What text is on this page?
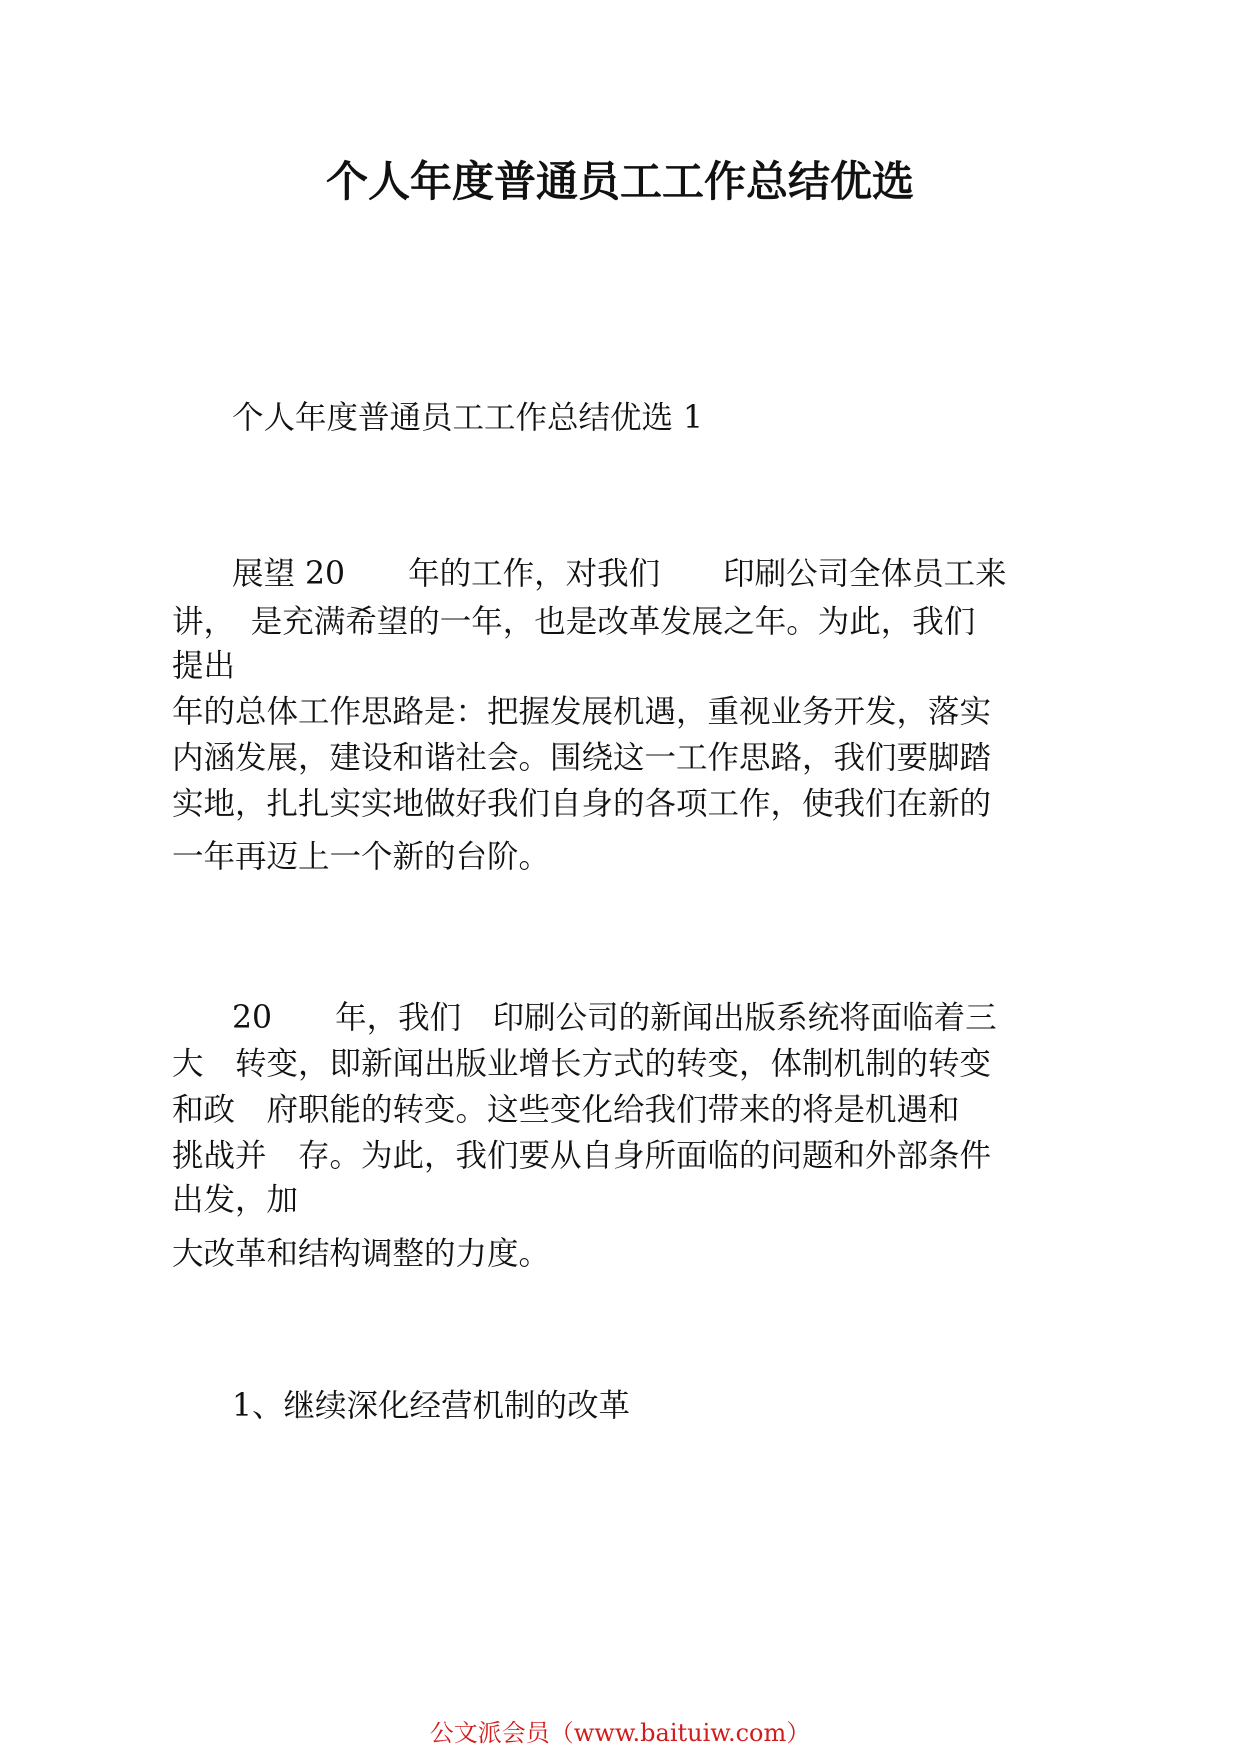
个人年度普通员工工作总结优选

个人年度普通员工工作总结优选 1

展望 20　　年的工作，对我们　　印刷公司全体员工来

讲，　是充满希望的一年，也是改革发展之年。为此，我们

提出

年的总体工作思路是：把握发展机遇，重视业务开发，落实

内涵发展，建设和谐社会。围绕这一工作思路，我们要脚踏

实地，扎扎实实地做好我们自身的各项工作，使我们在新的

一年再迈上一个新的台阶。

20　　年，我们　印刷公司的新闻出版系统将面临着三

大　转变，即新闻出版业增长方式的转变，体制机制的转变

和政　府职能的转变。这些变化给我们带来的将是机遇和

挑战并　存。为此，我们要从自身所面临的问题和外部条件

出发，加

大改革和结构调整的力度。

1、继续深化经营机制的改革

公文派会员（www.baituiw.com）
